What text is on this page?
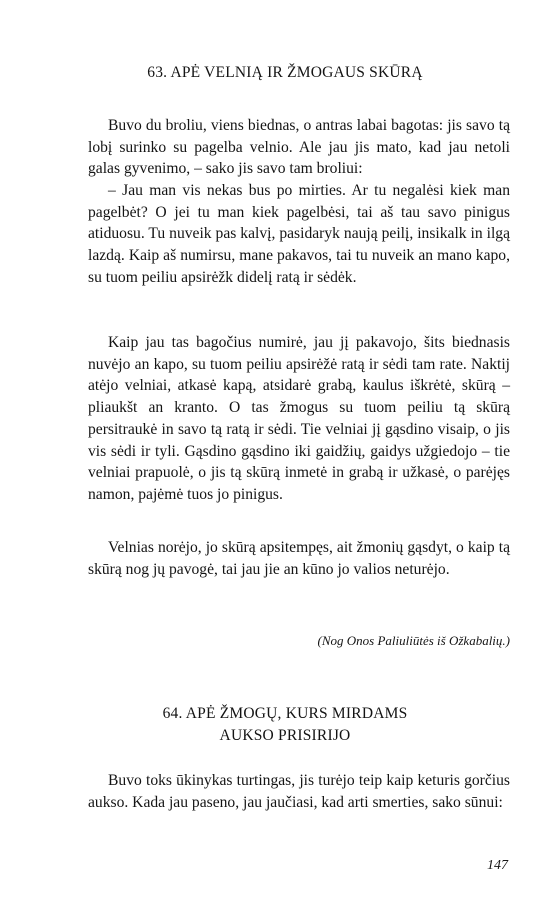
63. APĖ VELNIĄ IR ŽMOGAUS SKŪRĄ

Buvo du broliu, viens biednas, o antras labai bagotas: jis savo tą lobį surinko su pagelba velnio. Ale jau jis mato, kad jau netoli galas gyvenimo, – sako jis savo tam broliui:

– Jau man vis nekas bus po mirties. Ar tu negalėsi kiek man pagelbėt? O jei tu man kiek pagelbėsi, tai aš tau savo pinigus atiduosu. Tu nuveik pas kalvį, pasidaryk naują peilį, insikalk in ilgą lazdą. Kaip aš numirsu, mane pakavos, tai tu nuveik an mano kapo, su tuom peiliu apsirėžk didelį ratą ir sėdėk.

Kaip jau tas bagočius numirė, jau jį pakavojo, šits biednasis nuvėjo an kapo, su tuom peiliu apsirėžė ratą ir sėdi tam rate. Naktij atėjo velniai, atkasė kapą, atsidarė grabą, kaulus iškrėtė, skūrą – pliaukšt an kranto. O tas žmogus su tuom peiliu tą skūrą persitraukė in savo tą ratą ir sėdi. Tie velniai jį gąsdino visaip, o jis vis sėdi ir tyli. Gąsdino gąsdino iki gaidžių, gaidys užgiedojo – tie velniai prapuolė, o jis tą skūrą inmetė in grabą ir užkasė, o parėjęs namon, pajėmė tuos jo pinigus.

Velnias norėjo, jo skūrą apsitempęs, ait žmonių gąsdyt, o kaip tą skūrą nog jų pavogė, tai jau jie an kūno jo valios neturėjo.

(Nog Onos Paliuliūtės iš Ožkabalių.)
64. APĖ ŽMOGŲ, KURS MIRDAMS
AUKSO PRISIRIJO

Buvo toks ūkinykas turtingas, jis turėjo teip kaip keturis gorčius aukso. Kada jau paseno, jau jaučiasi, kad arti smerties, sako sūnui:

147
